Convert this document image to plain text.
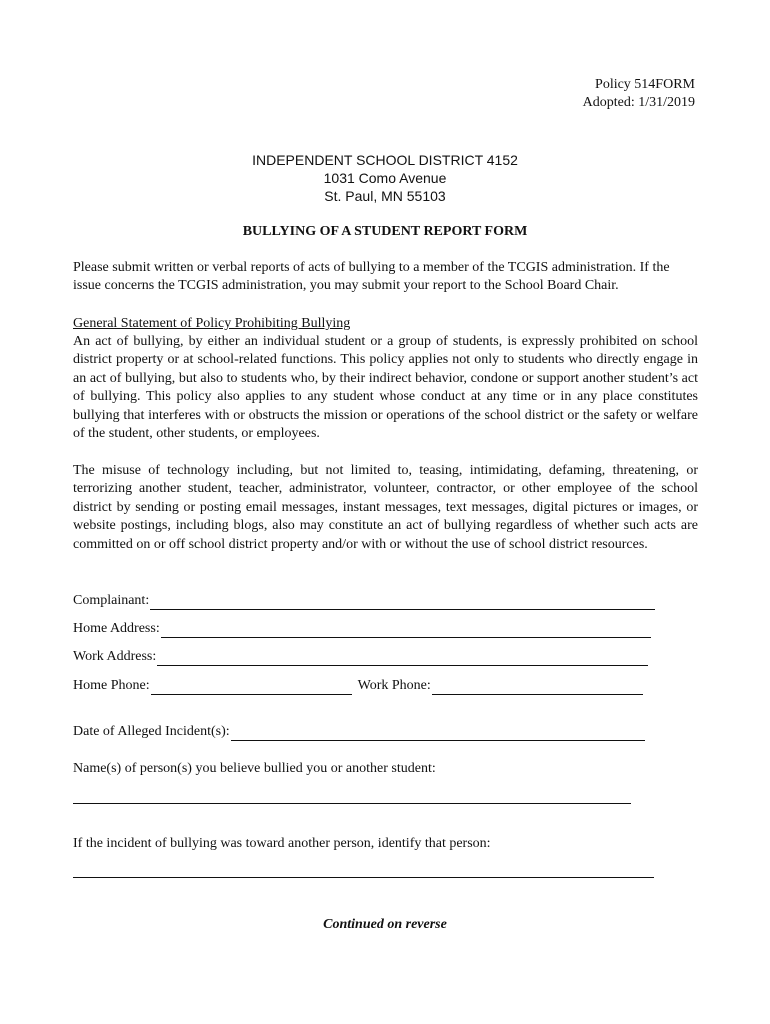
Policy 514FORM
Adopted: 1/31/2019
INDEPENDENT SCHOOL DISTRICT 4152
1031 Como Avenue
St. Paul, MN 55103
BULLYING OF A STUDENT REPORT FORM
Please submit written or verbal reports of acts of bullying to a member of the TCGIS administration. If the issue concerns the TCGIS administration, you may submit your report to the School Board Chair.
General Statement of Policy Prohibiting Bullying
An act of bullying, by either an individual student or a group of students, is expressly prohibited on school district property or at school-related functions. This policy applies not only to students who directly engage in an act of bullying, but also to students who, by their indirect behavior, condone or support another student’s act of bullying. This policy also applies to any student whose conduct at any time or in any place constitutes bullying that interferes with or obstructs the mission or operations of the school district or the safety or welfare of the student, other students, or employees.
The misuse of technology including, but not limited to, teasing, intimidating, defaming, threatening, or terrorizing another student, teacher, administrator, volunteer, contractor, or other employee of the school district by sending or posting email messages, instant messages, text messages, digital pictures or images, or website postings, including blogs, also may constitute an act of bullying regardless of whether such acts are committed on or off school district property and/or with or without the use of school district resources.
Complainant:
Home Address:
Work Address:
Home Phone:	Work Phone:
Date of Alleged Incident(s):
Name(s) of person(s) you believe bullied you or another student:
If the incident of bullying was toward another person, identify that person:
Continued on reverse
